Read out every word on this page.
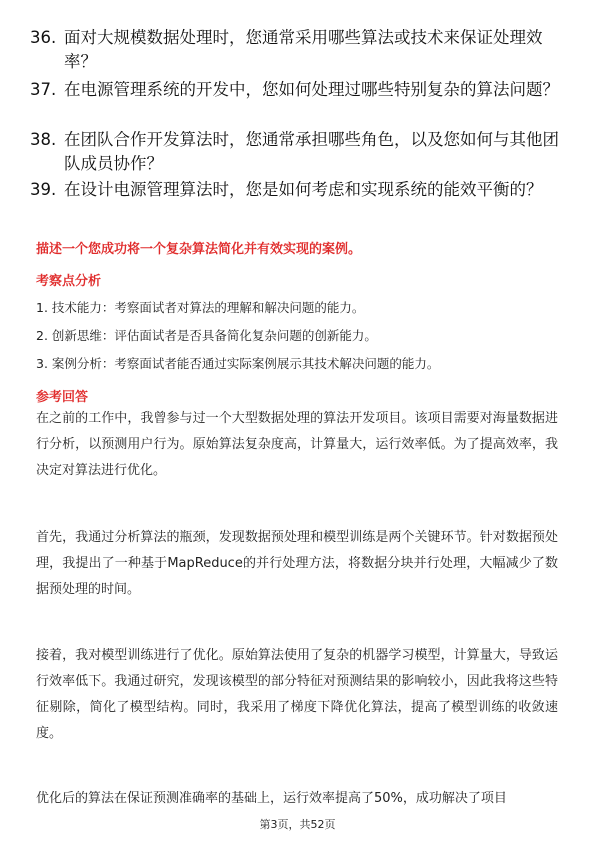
36. 面对大规模数据处理时，您通常采用哪些算法或技术来保证处理效率？
37. 在电源管理系统的开发中，您如何处理过哪些特别复杂的算法问题？
38. 在团队合作开发算法时，您通常承担哪些角色，以及您如何与其他团队成员协作？
39. 在设计电源管理算法时，您是如何考虑和实现系统的能效平衡的？
描述一个您成功将一个复杂算法简化并有效实现的案例。
考察点分析
1. 技术能力：考察面试者对算法的理解和解决问题的能力。
2. 创新思维：评估面试者是否具备简化复杂问题的创新能力。
3. 案例分析：考察面试者能否通过实际案例展示其技术解决问题的能力。
参考回答
在之前的工作中，我曾参与过一个大型数据处理的算法开发项目。该项目需要对海量数据进行分析，以预测用户行为。原始算法复杂度高，计算量大，运行效率低。为了提高效率，我决定对算法进行优化。
首先，我通过分析算法的瓶颈，发现数据预处理和模型训练是两个关键环节。针对数据预处理，我提出了一种基于MapReduce的并行处理方法，将数据分块并行处理，大幅减少了数据预处理的时间。
接着，我对模型训练进行了优化。原始算法使用了复杂的机器学习模型，计算量大，导致运行效率低下。我通过研究，发现该模型的部分特征对预测结果的影响较小，因此我将这些特征剔除，简化了模型结构。同时，我采用了梯度下降优化算法，提高了模型训练的收敛速度。
优化后的算法在保证预测准确率的基础上，运行效率提高了50%，成功解决了项目
第3页，共52页
